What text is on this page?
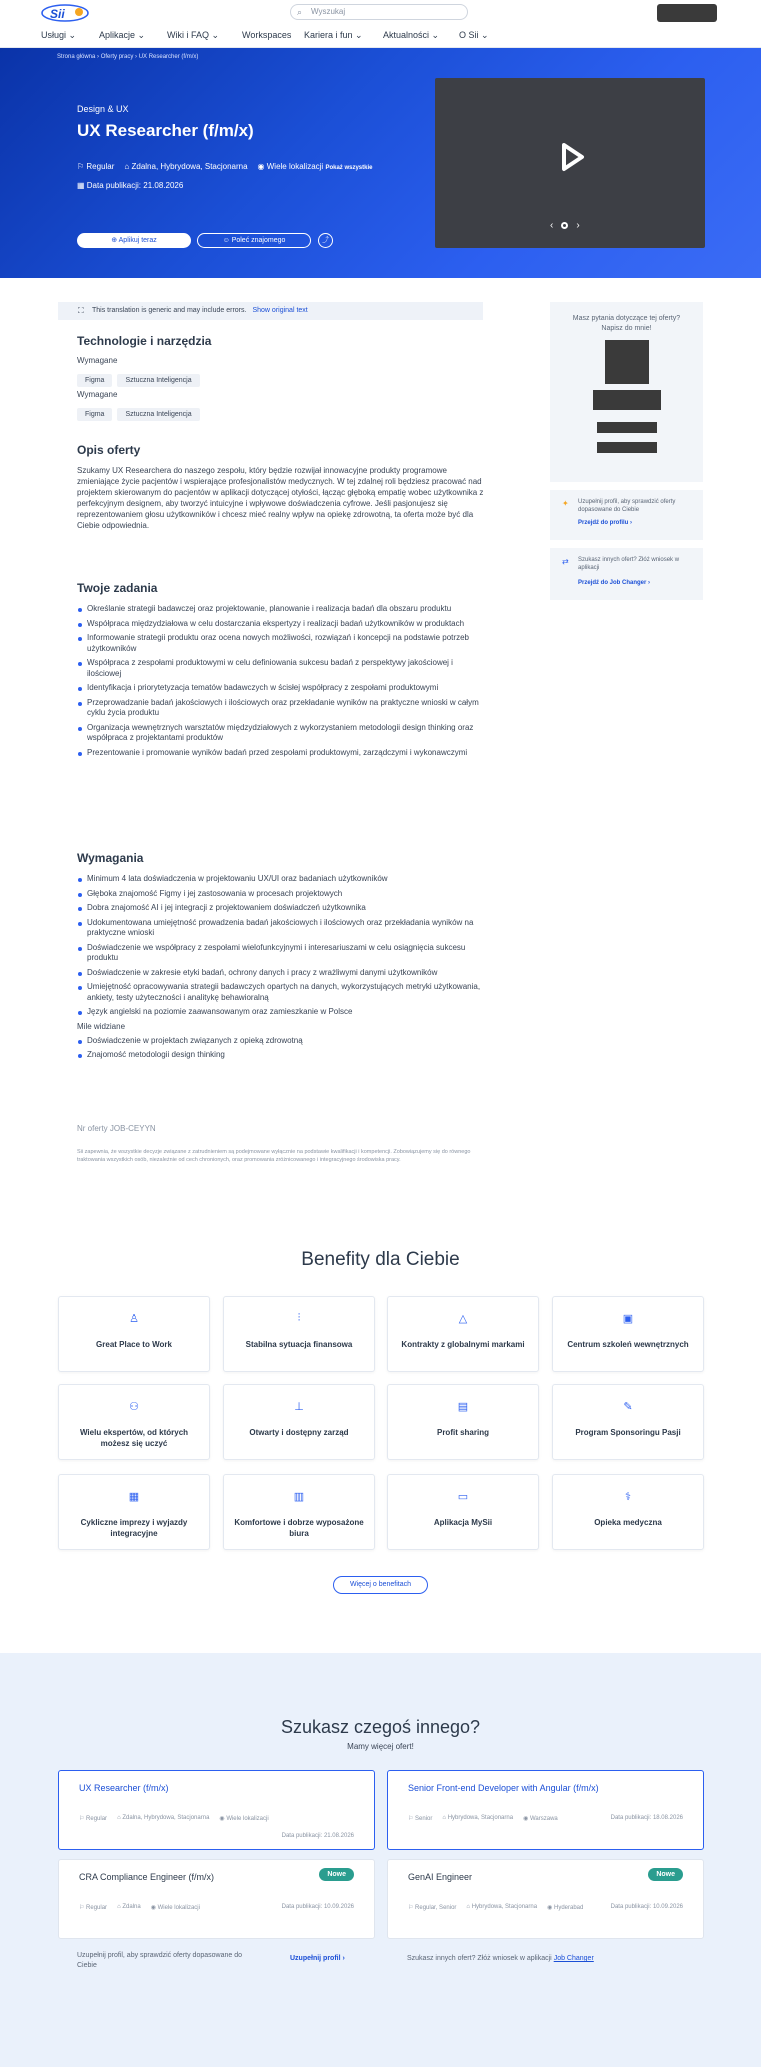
Sii	⌕ Wyszukaj
Usługi ⌄	Aplikacje ⌄	Wiki i FAQ ⌄	Workspaces	Kariera i fun ⌄	Aktualności ⌄	O Sii ⌄
Strona główna › Oferty pracy › UX Researcher (f/m/x)
Design & UX
UX Researcher (f/m/x)
⚐ Regular ⌂ Zdalna, Hybrydowa, Stacjonarna ◉ Wiele lokalizacji Pokaż wszystkie
▦ Data publikacji: 21.08.2026
⊕ Aplikuj teraz	☺ Poleć znajomego	⤴
‹ ›
⛶ This translation is generic and may include errors. Show original text
Technologie i narzędzia
Wymagane
Figma	Sztuczna Inteligencja
Wymagane
Figma	Sztuczna Inteligencja
Opis oferty

Szukamy UX Researchera do naszego zespołu, który będzie rozwijał innowacyjne produkty programowe zmieniające życie pacjentów i wspierające profesjonalistów medycznych. W tej zdalnej roli będziesz pracować nad projektem skierowanym do pacjentów w aplikacji dotyczącej otyłości, łącząc głęboką empatię wobec użytkownika z perfekcyjnym designem, aby tworzyć intuicyjne i wpływowe doświadczenia cyfrowe. Jeśli pasjonujesz się reprezentowaniem głosu użytkowników i chcesz mieć realny wpływ na opiekę zdrowotną, ta oferta może być dla Ciebie odpowiednia.

Twoje zadania
Określanie strategii badawczej oraz projektowanie, planowanie i realizacja badań dla obszaru produktu
Współpraca międzydziałowa w celu dostarczania ekspertyzy i realizacji badań użytkowników w produktach
Informowanie strategii produktu oraz ocena nowych możliwości, rozwiązań i koncepcji na podstawie potrzeb użytkowników
Współpraca z zespołami produktowymi w celu definiowania sukcesu badań z perspektywy jakościowej i ilościowej
Identyfikacja i priorytetyzacja tematów badawczych w ścisłej współpracy z zespołami produktowymi
Przeprowadzanie badań jakościowych i ilościowych oraz przekładanie wyników na praktyczne wnioski w całym cyklu życia produktu
Organizacja wewnętrznych warsztatów międzydziałowych z wykorzystaniem metodologii design thinking oraz współpraca z projektantami produktów
Prezentowanie i promowanie wyników badań przed zespołami produktowymi, zarządczymi i wykonawczymi
Wymagania
Minimum 4 lata doświadczenia w projektowaniu UX/UI oraz badaniach użytkowników
Głęboka znajomość Figmy i jej zastosowania w procesach projektowych
Dobra znajomość AI i jej integracji z projektowaniem doświadczeń użytkownika
Udokumentowana umiejętność prowadzenia badań jakościowych i ilościowych oraz przekładania wyników na praktyczne wnioski
Doświadczenie we współpracy z zespołami wielofunkcyjnymi i interesariuszami w celu osiągnięcia sukcesu produktu
Doświadczenie w zakresie etyki badań, ochrony danych i pracy z wrażliwymi danymi użytkowników
Umiejętność opracowywania strategii badawczych opartych na danych, wykorzystujących metryki użytkowania, ankiety, testy użyteczności i analitykę behawioralną
Język angielski na poziomie zaawansowanym oraz zamieszkanie w Polsce
Mile widziane
Doświadczenie w projektach związanych z opieką zdrowotną
Znajomość metodologii design thinking
Nr oferty JOB-CEYYN

Sii zapewnia, że wszystkie decyzje związane z zatrudnieniem są podejmowane wyłącznie na podstawie kwalifikacji i kompetencji. Zobowiązujemy się do równego traktowania wszystkich osób, niezależnie od cech chronionych, oraz promowania zróżnicowanego i integracyjnego środowiska pracy.

Masz pytania dotyczące tej oferty? Napisz do mnie!
✦ Uzupełnij profil, aby sprawdzić oferty dopasowane do Ciebie
Przejdź do profilu ›
⇄ Szukasz innych ofert? Złóż wniosek w aplikacji
Przejdź do Job Changer ›
Benefity dla Ciebie
♙
Great Place to Work
⫶
Stabilna sytuacja finansowa
△
Kontrakty z globalnymi markami
▣
Centrum szkoleń wewnętrznych
⚇
Wielu ekspertów, od których możesz się uczyć
⊥
Otwarty i dostępny zarząd
▤
Profit sharing
✎
Program Sponsoringu Pasji
▦
Cykliczne imprezy i wyjazdy integracyjne
▥
Komfortowe i dobrze wyposażone biura
▭
Aplikacja MySii
⚕
Opieka medyczna
Więcej o benefitach
Szukasz czegoś innego?
Mamy więcej ofert!
UX Researcher (f/m/x)
⚐ Regular ⌂ Zdalna, Hybrydowa, Stacjonarna ◉ Wiele lokalizacji
Data publikacji: 21.08.2026
Senior Front-end Developer with Angular (f/m/x)
⚐ Senior ⌂ Hybrydowa, Stacjonarna ◉ Warszawa	Data publikacji: 18.08.2026
CRA Compliance Engineer (f/m/x)	Nowe
⚐ Regular ⌂ Zdalna ◉ Wiele lokalizacji	Data publikacji: 10.09.2026
GenAI Engineer	Nowe
⚐ Regular, Senior ⌂ Hybrydowa, Stacjonarna ◉ Hyderabad	Data publikacji: 10.09.2026
Uzupełnij profil, aby sprawdzić oferty dopasowane do Ciebie
Uzupełnij profil ›	Szukasz innych ofert? Złóż wniosek w aplikacji Job Changer
